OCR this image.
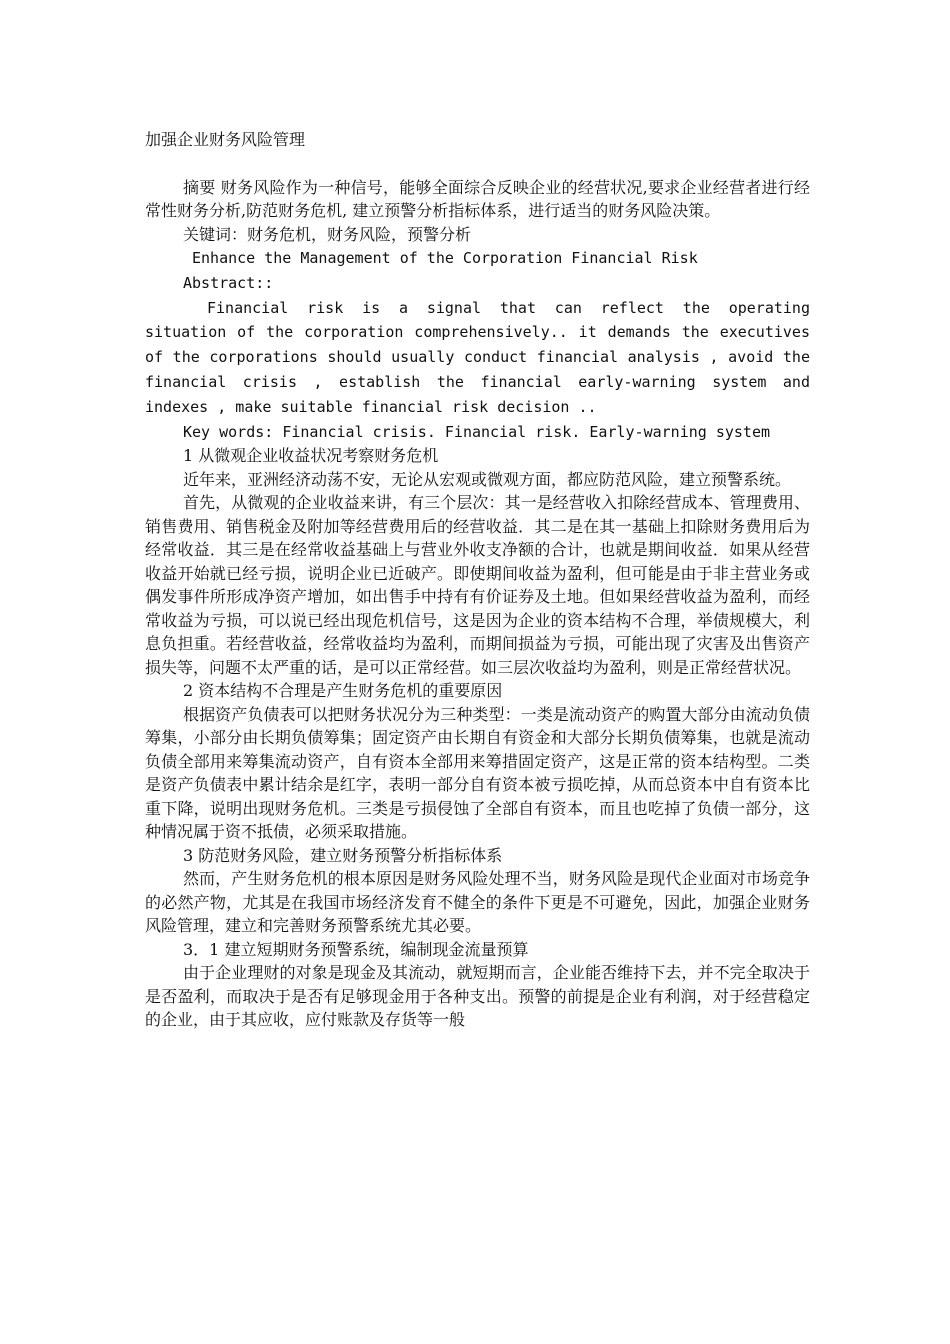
加强企业财务风险管理

摘要 财务风险作为一种信号，能够全面综合反映企业的经营状况,要求企业经营者进行经常性财务分析,防范财务危机, 建立预警分析指标体系，进行适当的财务风险决策。

关键词：财务危机，财务风险，预警分析

Enhance the Management of the Corporation Financial Risk

Abstract::

Financial risk is a signal that can reflect the operating situation of the corporation comprehensively.. it demands the executives of the corporations should usually conduct financial analysis , avoid the financial crisis , establish the financial early-warning system and indexes , make suitable financial risk decision ..

Key words: Financial crisis. Financial risk. Early-warning system

1 从微观企业收益状况考察财务危机

近年来，亚洲经济动荡不安，无论从宏观或微观方面，都应防范风险，建立预警系统。

首先，从微观的企业收益来讲，有三个层次：其一是经营收入扣除经营成本、管理费用、销售费用、销售税金及附加等经营费用后的经营收益．其二是在其一基础上扣除财务费用后为经常收益．其三是在经常收益基础上与营业外收支净额的合计，也就是期间收益．如果从经营收益开始就已经亏损，说明企业已近破产。即使期间收益为盈利，但可能是由于非主营业务或偶发事件所形成净资产增加，如出售手中持有有价证券及土地。但如果经营收益为盈利，而经常收益为亏损，可以说已经出现危机信号，这是因为企业的资本结构不合理，举债规模大，利息负担重。若经营收益，经常收益均为盈利，而期间损益为亏损，可能出现了灾害及出售资产损失等，问题不太严重的话，是可以正常经营。如三层次收益均为盈利，则是正常经营状况。

2 资本结构不合理是产生财务危机的重要原因

根据资产负债表可以把财务状况分为三种类型：一类是流动资产的购置大部分由流动负债筹集，小部分由长期负债筹集；固定资产由长期自有资金和大部分长期负债筹集，也就是流动负债全部用来筹集流动资产，自有资本全部用来筹措固定资产，这是正常的资本结构型。二类是资产负债表中累计结余是红字，表明一部分自有资本被亏损吃掉，从而总资本中自有资本比重下降，说明出现财务危机。三类是亏损侵蚀了全部自有资本，而且也吃掉了负债一部分，这种情况属于资不抵债，必须采取措施。

3 防范财务风险，建立财务预警分析指标体系

然而，产生财务危机的根本原因是财务风险处理不当，财务风险是现代企业面对市场竞争的必然产物，尤其是在我国市场经济发育不健全的条件下更是不可避免，因此，加强企业财务风险管理，建立和完善财务预警系统尤其必要。

3．1 建立短期财务预警系统，编制现金流量预算

由于企业理财的对象是现金及其流动，就短期而言，企业能否维持下去，并不完全取决于是否盈利，而取决于是否有足够现金用于各种支出。预警的前提是企业有利润，对于经营稳定的企业，由于其应收，应付账款及存货等一般
